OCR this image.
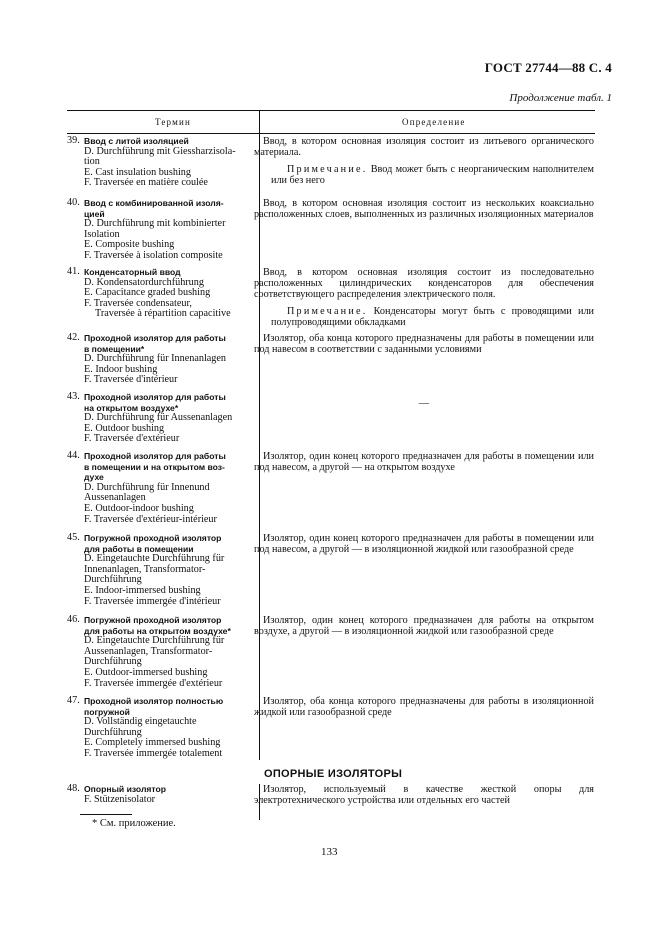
ГОСТ 27744—88 С. 4
Продолжение табл. 1
Термин	Определение
39. Ввод с литой изоляцией
D. Durchführung mit Giessharzisola-
tion
E. Cast insulation bushing
F. Traversée en matière coulée

Ввод, в котором основная изоляция состоит из литьевого органического материала.

Примечание. Ввод может быть с неорганическим наполнителем или без него

40. Ввод с комбинированной изоля-
цией
D. Durchführung mit kombinierter
Isolation
E. Composite bushing
F. Traversée à isolation composite

Ввод, в котором основная изоляция состоит из нескольких коаксиально расположенных слоев, выполненных из различных изоляционных материалов

41. Конденсаторный ввод
D. Kondensatordurchführung
E. Capacitance graded bushing
F. Traversée condensateur,
Traversée à répartition capacitive

Ввод, в котором основная изоляция состоит из последовательно расположенных цилиндрических конденсаторов для обеспечения соответствующего распределения электрического поля.

Примечание. Конденсаторы могут быть с проводящими или полупроводящими обкладками

42. Проходной изолятор для работы
в помещении*
D. Durchführung für Innenanlagen
E. Indoor bushing
F. Traversée d'intérieur

Изолятор, оба конца которого предназначены для работы в помещении или под навесом в соответствии с заданными условиями

43. Проходной изолятор для работы
на открытом воздухе*
D. Durchführung für Aussenanlagen
E. Outdoor bushing
F. Traversée d'extérieur

—

44. Проходной изолятор для работы
в помещении и на открытом воз-
духе
D. Durchführung für Innenund
Aussenanlagen
E. Outdoor-indoor bushing
F. Traversée d'extérieur-intérieur

Изолятор, один конец которого предназначен для работы в помещении или под навесом, а другой — на открытом воздухе

45. Погружной проходной изолятор
для работы в помещении
D. Eingetauchte Durchführung für
Innenanlagen, Transformator-
Durchführung
E. Indoor-immersed bushing
F. Traversée immergée d'intérieur

Изолятор, один конец которого предназначен для работы в помещении или под навесом, а другой — в изоляционной жидкой или газообразной среде

46. Погружной проходной изолятор
для работы на открытом воздухе*
D. Eingetauchte Durchführung für
Aussenanlagen, Transformator-
Durchführung
E. Outdoor-immersed bushing
F. Traversée immergée d'extérieur

Изолятор, один конец которого предназначен для работы на открытом воздухе, а другой — в изоляционной жидкой или газообразной среде

47. Проходной изолятор полностью
погружной
D. Vollständig eingetauchte
Durchführung
E. Completely immersed bushing
F. Traversée immergée totalement

Изолятор, оба конца которого предназначены для работы в изоляционной жидкой или газообразной среде

ОПОРНЫЕ ИЗОЛЯТОРЫ
48. Опорный изолятор
F. Stützenisolator

Изолятор, используемый в качестве жесткой опоры для электротехнического устройства или отдельных его частей

* См. приложение.
133
